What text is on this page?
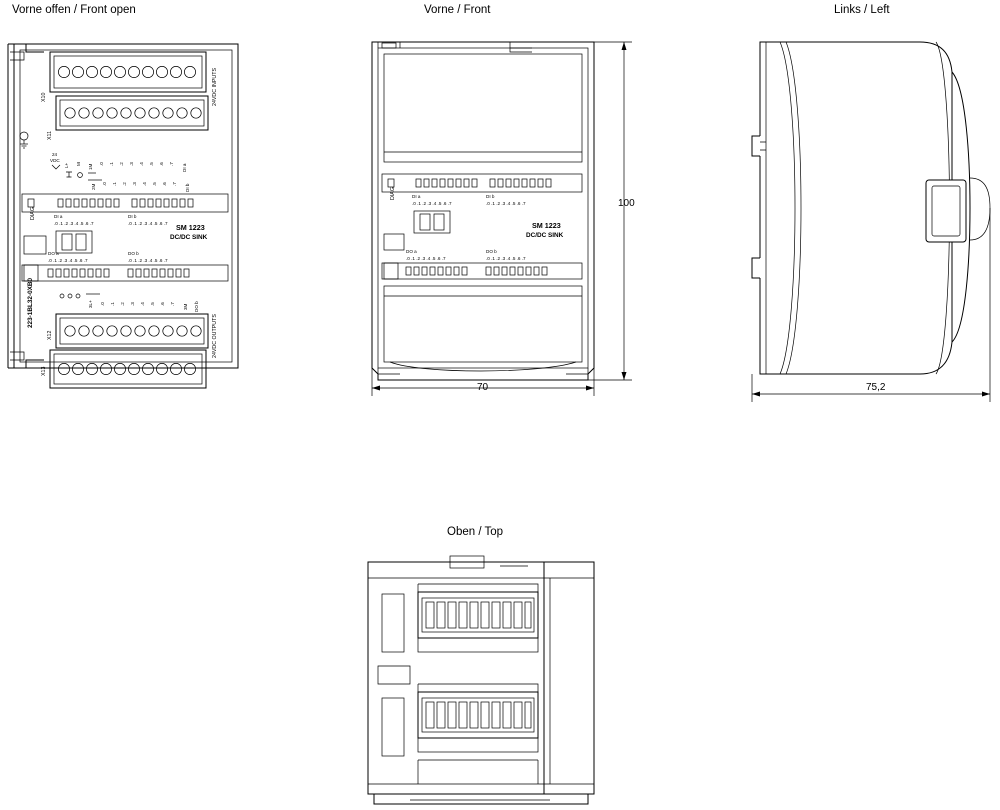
Vorne offen / Front open
X10
X11
24VDC INPUTS
L+ M 1M .0 .1 .2 .3 .4 .5 .6 .7 DI a
2M .0 .1 .2 .3 .4 .5 .6 .7 DI b
24
VDC
DIAG	DI a
.0 .1 .2 .3 .4 .5 .6 .7
DI b
.0 .1 .2 .3 .4 .5 .6 .7 SM 1223
DC/DC SINK
DO a
.0 .1 .2 .3 .4 .5 .6 .7
DO b
.0 .1 .2 .3 .4 .5 .6 .7
3L+ .0 .1 .2 .3 .4 .5 .6 .7 3M DO b
223-1BL32-0XB0
X12
X13
24VDC OUTPUTS
Vorne / Front
DIAG	DI a
.0 .1 .2 .3 .4 .5 .6 .7
DI b
.0 .1 .2 .3 .4 .5 .6 .7
SM 1223
DC/DC SINK
DO a
.0 .1 .2 .3 .4 .5 .6 .7
DO b
.0 .1 .2 .3 .4 .5 .6 .7
70
100
Links / Left
75,2
Oben / Top
